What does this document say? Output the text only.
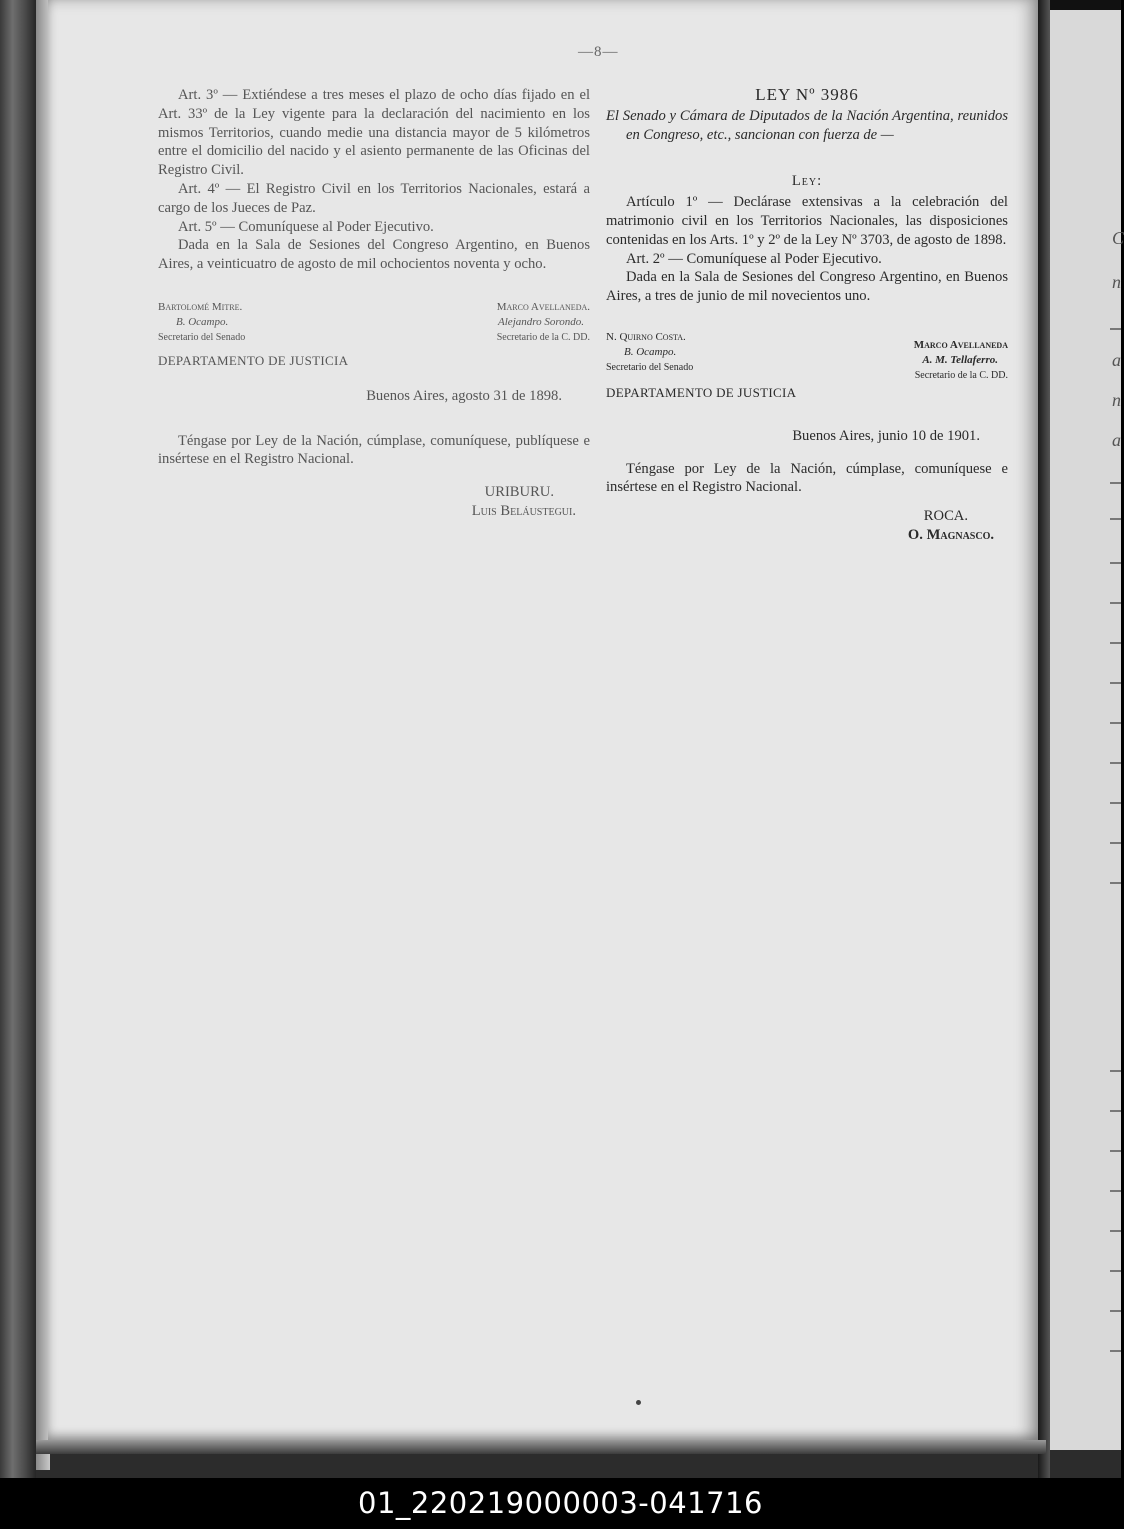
—8—

Art. 3º — Extiéndese a tres meses el plazo de ocho días fijado en el Art. 33º de la Ley vigente para la declaración del nacimiento en los mismos Territorios, cuando medie una distancia mayor de 5 kilómetros entre el domicilio del nacido y el asiento permanente de las Oficinas del Registro Civil.

Art. 4º — El Registro Civil en los Territorios Nacionales, estará a cargo de los Jueces de Paz.

Art. 5º — Comuníquese al Poder Ejecutivo.

Dada en la Sala de Sesiones del Congreso Argentino, en Buenos Aires, a veinticuatro de agosto de mil ochocientos noventa y ocho.

Bartolomé Mitre.
B. Ocampo.
Secretario del Senado
Marco Avellaneda.
Alejandro Sorondo.
Secretario de la C. DD.

DEPARTAMENTO DE JUSTICIA

Buenos Aires, agosto 31 de 1898.

Téngase por Ley de la Nación, cúmplase, comuníquese, publíquese e insértese en el Registro Nacional.

URIBURU.

Luis Beláustegui.

LEY Nº 3986

El Senado y Cámara de Diputados de la Nación Argentina, reunidos en Congreso, etc., sancionan con fuerza de —

Ley:

Artículo 1º — Declárase extensivas a la celebración del matrimonio civil en los Territorios Nacionales, las disposiciones contenidas en los Arts. 1º y 2º de la Ley Nº 3703, de agosto de 1898.

Art. 2º — Comuníquese al Poder Ejecutivo.

Dada en la Sala de Sesiones del Congreso Argentino, en Buenos Aires, a tres de junio de mil novecientos uno.

N. Quirno Costa.
B. Ocampo.
Secretario del Senado
Marco Avellaneda
A. M. Tellaferro.
Secretario de la C. DD.

DEPARTAMENTO DE JUSTICIA

Buenos Aires, junio 10 de 1901.

Téngase por Ley de la Nación, cúmplase, comuníquese e insértese en el Registro Nacional.

ROCA.

O. Magnasco.

C
n
a
n
a
01_220219000003-041716
